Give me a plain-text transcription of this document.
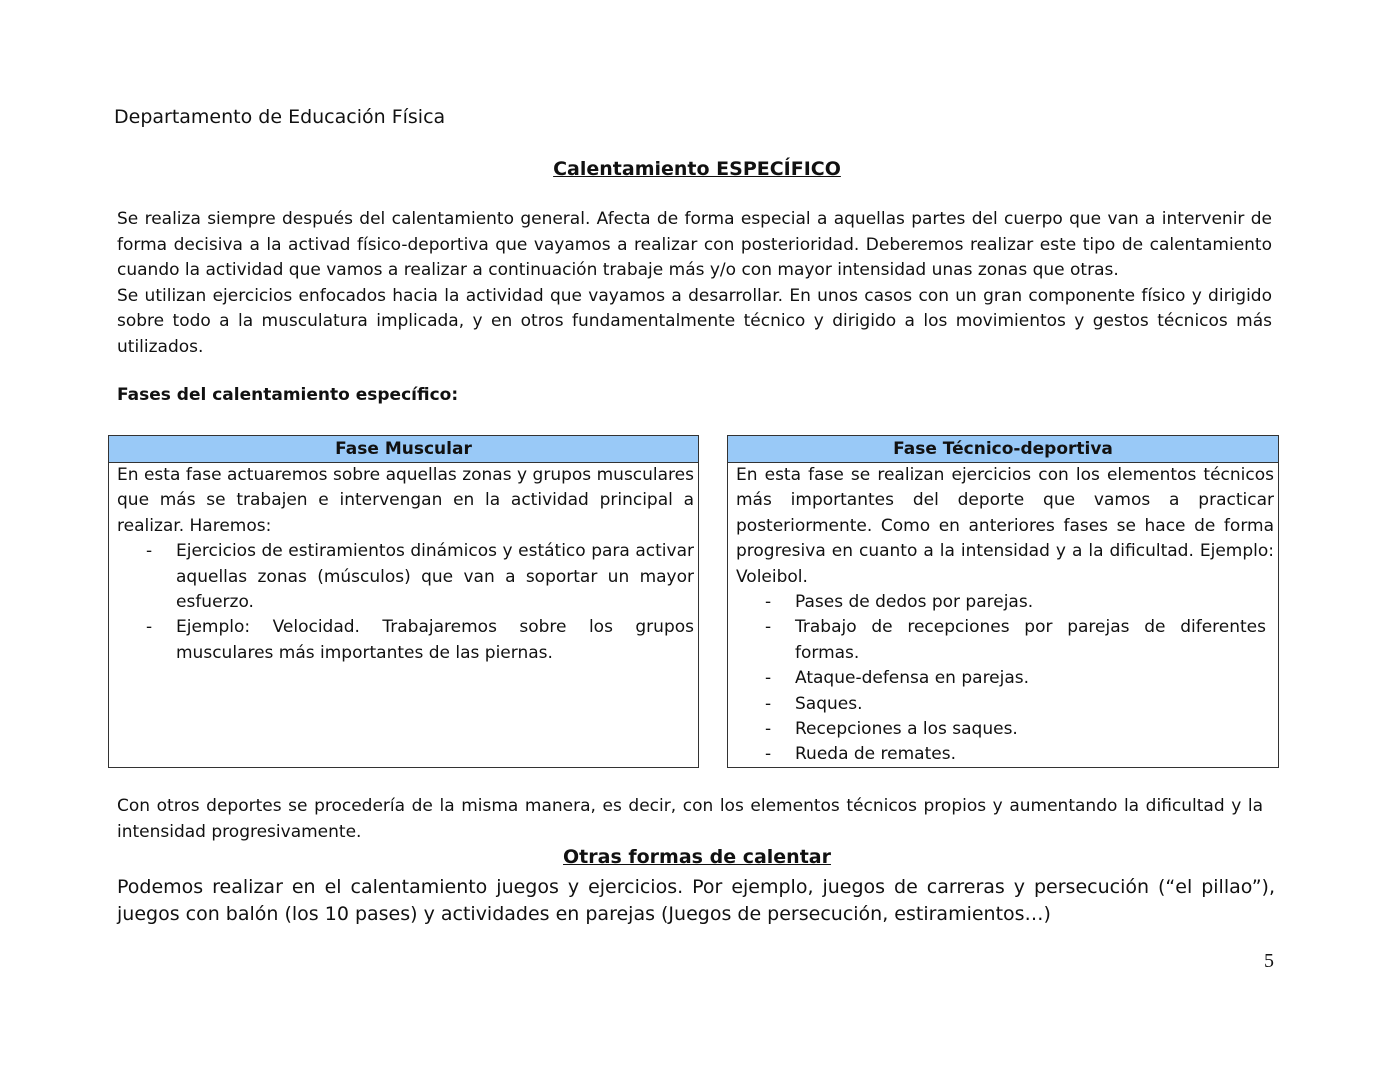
Departamento de Educación Física
Calentamiento ESPECÍFICO

Se realiza siempre después del calentamiento general. Afecta de forma especial a aquellas partes del cuerpo que van a intervenir de forma decisiva a la activad físico-deportiva que vayamos a realizar con posterioridad. Deberemos realizar este tipo de calentamiento cuando la actividad que vamos a realizar a continuación trabaje más y/o con mayor intensidad unas zonas que otras.

Se utilizan ejercicios enfocados hacia la actividad que vayamos a desarrollar. En unos casos con un gran componente físico y dirigido sobre todo a la musculatura implicada, y en otros fundamentalmente técnico y dirigido a los movimientos y gestos técnicos más utilizados.

Fases del calentamiento específico:
Fase Muscular

En esta fase actuaremos sobre aquellas zonas y grupos musculares que más se trabajen e intervengan en la actividad principal a realizar. Haremos:

- Ejercicios de estiramientos dinámicos y estático para activar aquellas zonas (músculos) que van a soportar un mayor esfuerzo.
- Ejemplo: Velocidad. Trabajaremos sobre los grupos musculares más importantes de las piernas.
Fase Técnico-deportiva

En esta fase se realizan ejercicios con los elementos técnicos más importantes del deporte que vamos a practicar posteriormente. Como en anteriores fases se hace de forma progresiva en cuanto a la intensidad y a la dificultad. Ejemplo: Voleibol.

- Pases de dedos por parejas.
- Trabajo de recepciones por parejas de diferentes formas.
- Ataque-defensa en parejas.
- Saques.
- Recepciones a los saques.
- Rueda de remates.
Con otros deportes se procedería de la misma manera, es decir, con los elementos técnicos propios y aumentando la dificultad y la intensidad progresivamente.
Otras formas de calentar
Podemos realizar en el calentamiento juegos y ejercicios. Por ejemplo, juegos de carreras y persecución (“el pillao”), juegos con balón (los 10 pases) y actividades en parejas (Juegos de persecución, estiramientos…)
5
